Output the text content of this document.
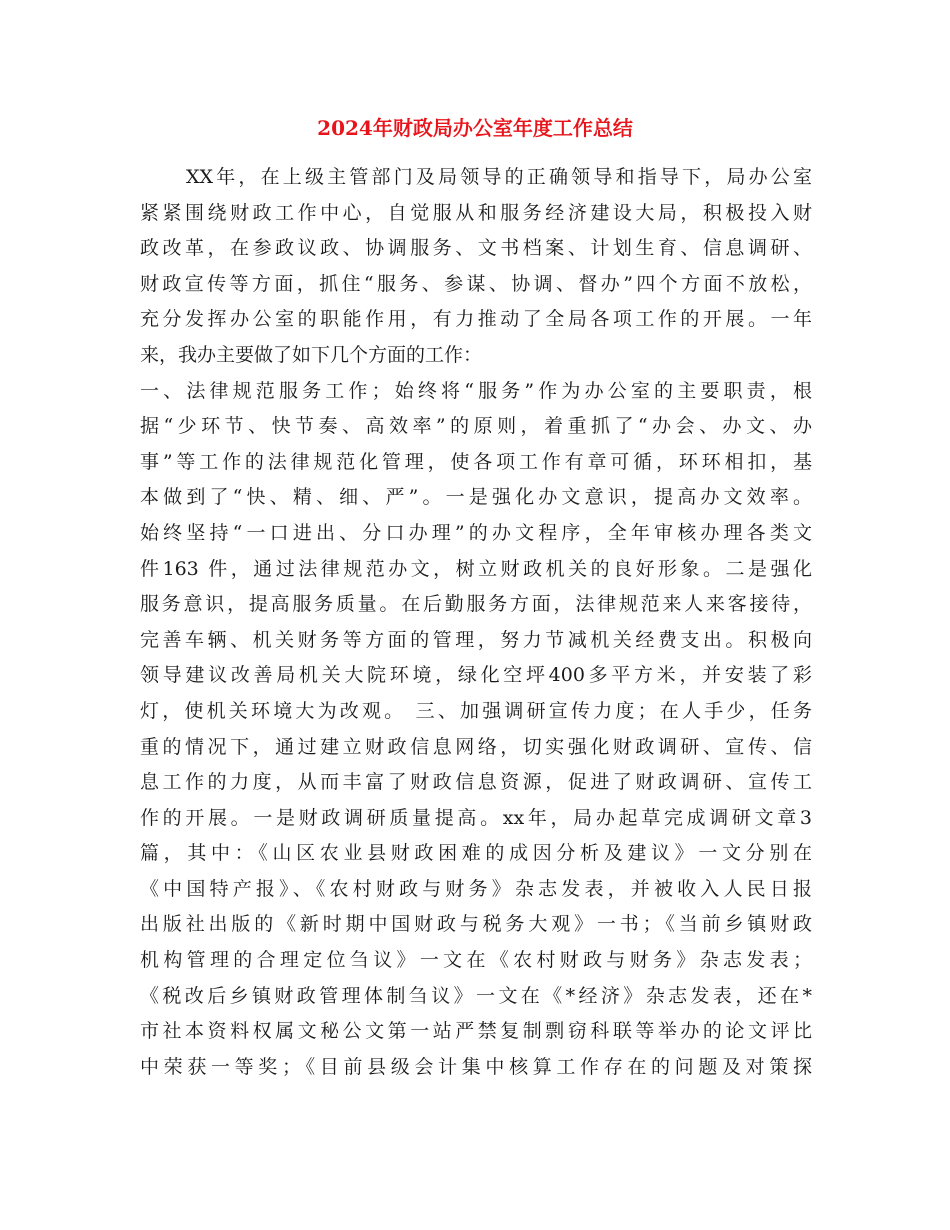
2024年财政局办公室年度工作总结
XX年，在上级主管部门及局领导的正确领导和指导下，局办公室
紧紧围绕财政工作中心，自觉服从和服务经济建设大局，积极投入财
政改革，在参政议政、协调服务、文书档案、计划生育、信息调研、
财政宣传等方面，抓住“服务、参谋、协调、督办”四个方面不放松，
充分发挥办公室的职能作用，有力推动了全局各项工作的开展。一年
来，我办主要做了如下几个方面的工作：
一、法律规范服务工作；始终将“服务”作为办公室的主要职责，根
据“少环节、快节奏、高效率”的原则，着重抓了“办会、办文、办
事”等工作的法律规范化管理，使各项工作有章可循，环环相扣，基
本做到了“快、精、细、严”。一是强化办文意识，提高办文效率。
始终坚持“一口进出、分口办理”的办文程序，全年审核办理各类文
件163 件，通过法律规范办文，树立财政机关的良好形象。二是强化
服务意识，提高服务质量。在后勤服务方面，法律规范来人来客接待，
完善车辆、机关财务等方面的管理，努力节减机关经费支出。积极向
领导建议改善局机关大院环境，绿化空坪400多平方米，并安装了彩
灯，使机关环境大为改观。 三、加强调研宣传力度；在人手少，任务
重的情况下，通过建立财政信息网络，切实强化财政调研、宣传、信
息工作的力度，从而丰富了财政信息资源，促进了财政调研、宣传工
作的开展。一是财政调研质量提高。xx年，局办起草完成调研文章3
篇，其中：《山区农业县财政困难的成因分析及建议》一文分别在
《中国特产报》、《农村财政与财务》杂志发表，并被收入人民日报
出版社出版的《新时期中国财政与税务大观》一书；《当前乡镇财政
机构管理的合理定位刍议》一文在《农村财政与财务》杂志发表；
《税改后乡镇财政管理体制刍议》一文在《*经济》杂志发表，还在*
市社本资料权属文秘公文第一站严禁复制剽窃科联等举办的论文评比
中荣获一等奖；《目前县级会计集中核算工作存在的问题及对策探
